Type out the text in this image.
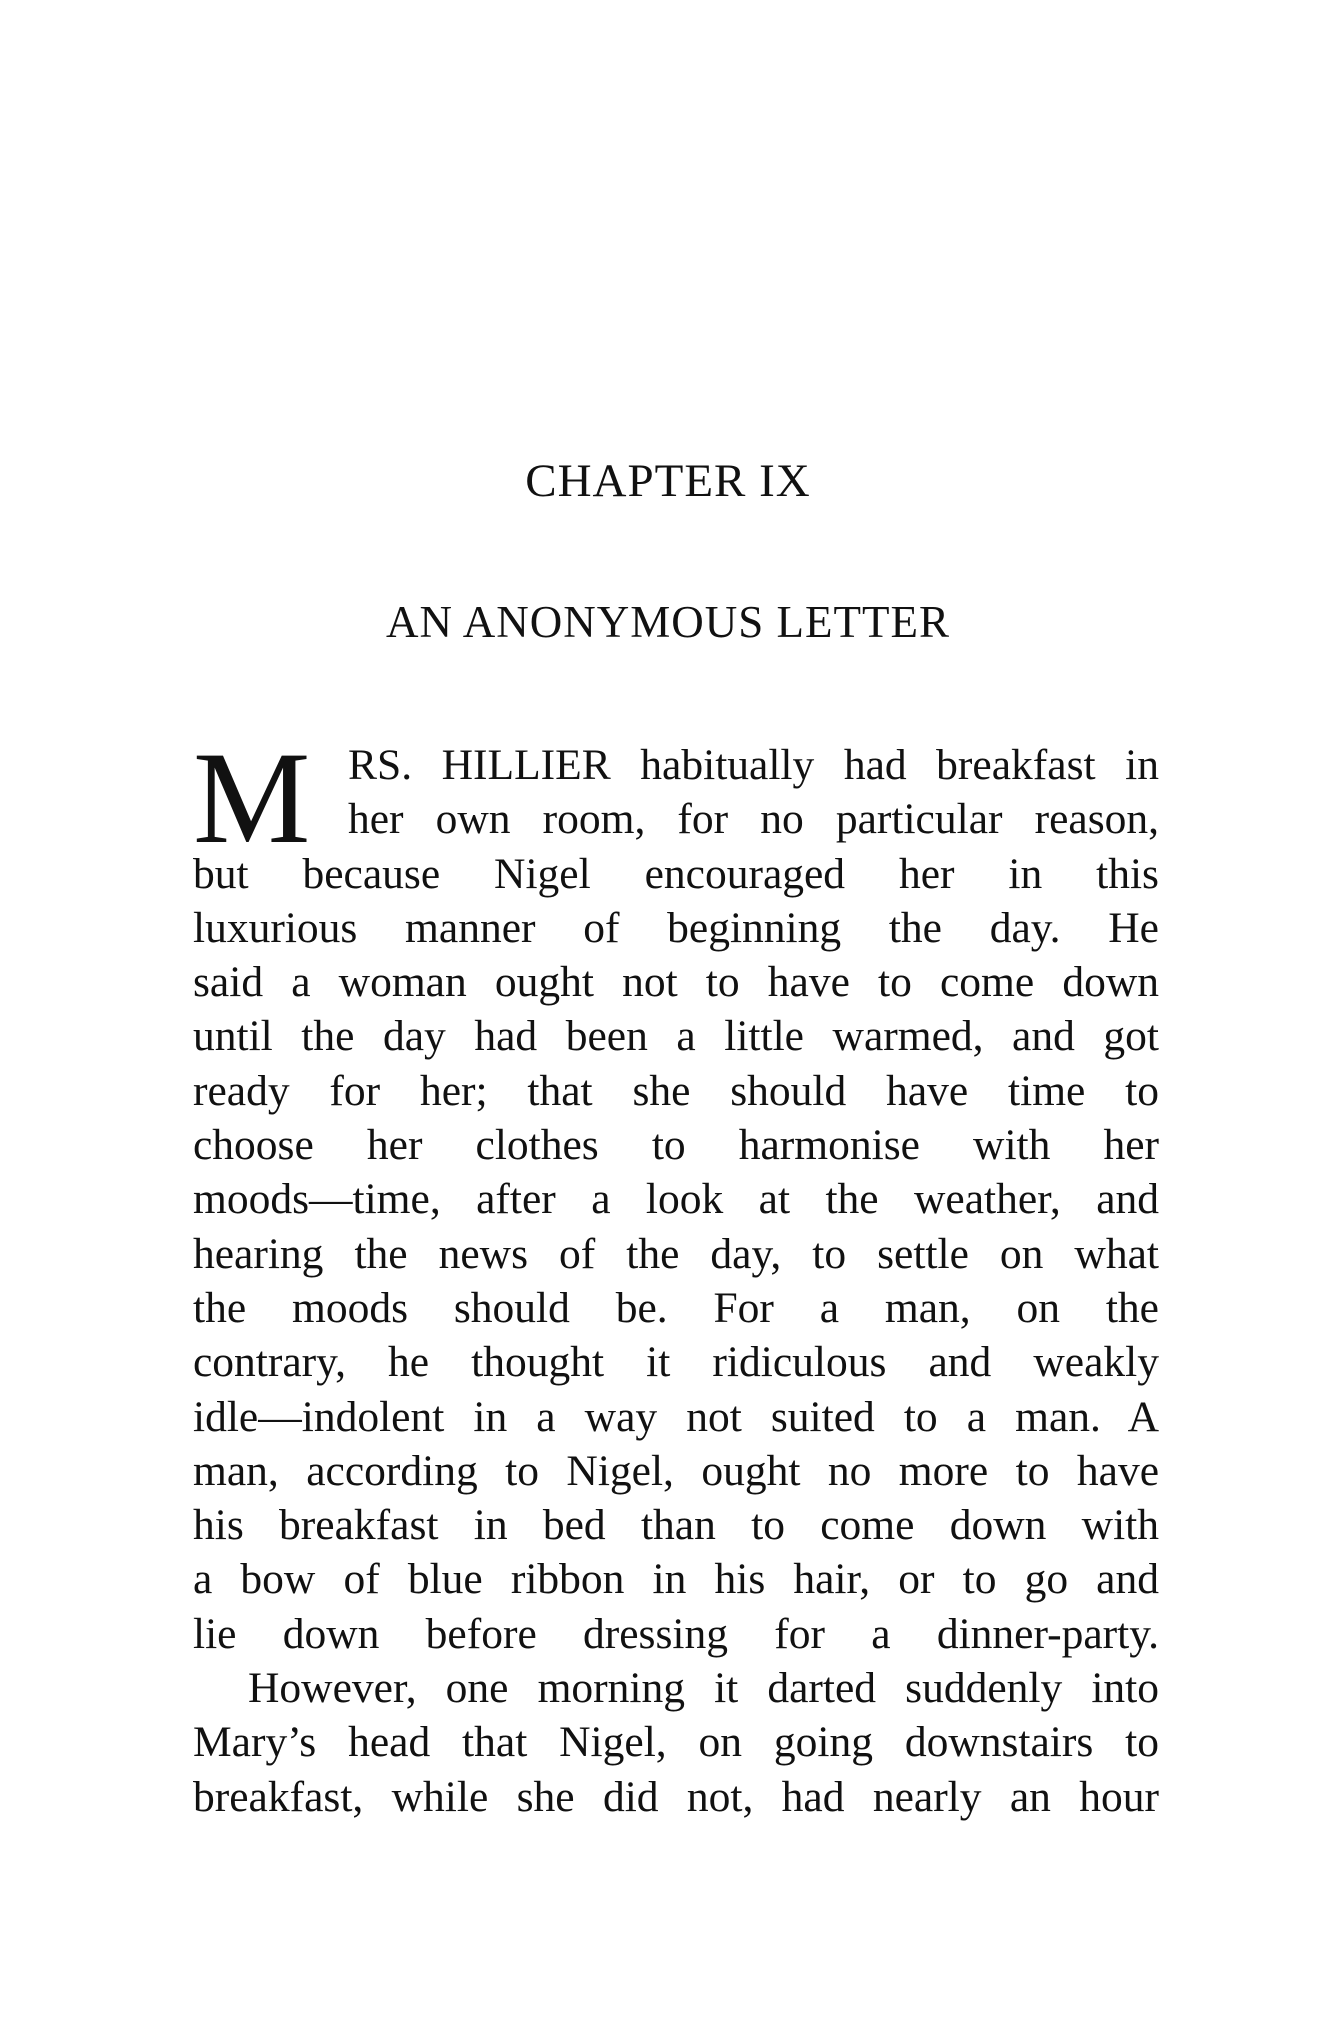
CHAPTER IX
AN ANONYMOUS LETTER
M RS. HILLIER habitually had breakfast in
her own room, for no particular reason,
but because Nigel encouraged her in this
luxurious manner of beginning the day. He
said a woman ought not to have to come down
until the day had been a little warmed, and got
ready for her; that she should have time to
choose her clothes to harmonise with her
moods—time, after a look at the weather, and
hearing the news of the day, to settle on what
the moods should be. For a man, on the
contrary, he thought it ridiculous and weakly
idle—indolent in a way not suited to a man. A
man, according to Nigel, ought no more to have
his breakfast in bed than to come down with
a bow of blue ribbon in his hair, or to go and
lie down before dressing for a dinner-party.
However, one morning it darted suddenly into
Mary’s head that Nigel, on going downstairs to
breakfast, while she did not, had nearly an hour
